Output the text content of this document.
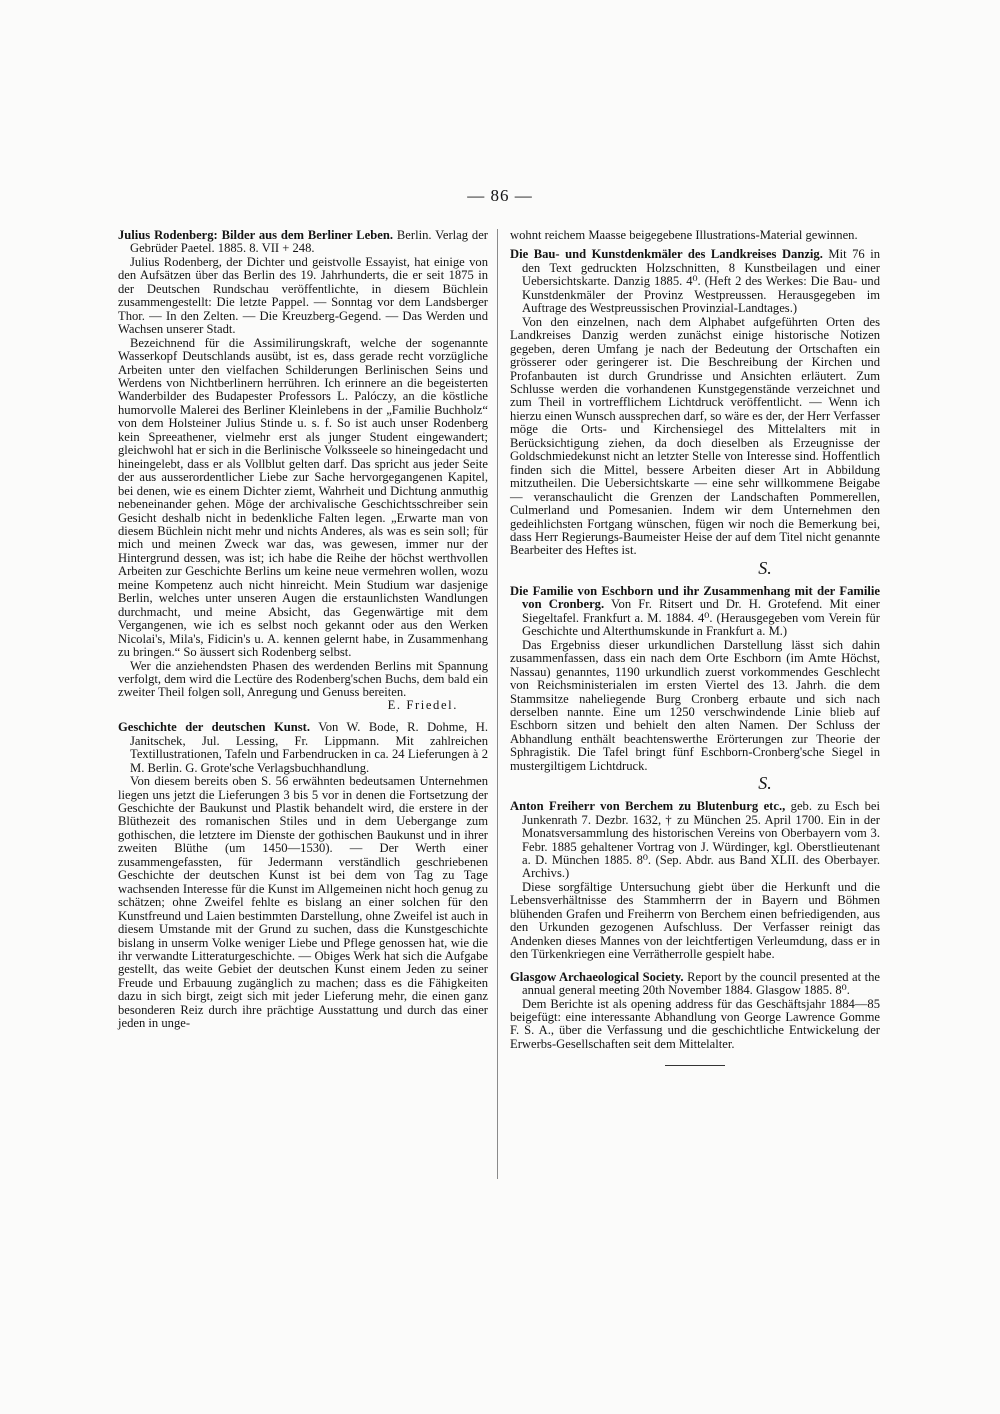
— 86 —
Julius Rodenberg: Bilder aus dem Berliner Leben. Berlin. Verlag der Gebrüder Paetel. 1885. 8. VII + 248.

Julius Rodenberg, der Dichter und geistvolle Essayist, hat einige von den Aufsätzen über das Berlin des 19. Jahrhunderts, die er seit 1875 in der Deutschen Rundschau veröffentlichte, in diesem Büchlein zusammengestellt: Die letzte Pappel. — Sonntag vor dem Landsberger Thor. — In den Zelten. — Die Kreuzberg-Gegend. — Das Werden und Wachsen unserer Stadt.

Bezeichnend für die Assimilirungskraft, welche der sogenannte Wasserkopf Deutschlands ausübt, ist es, dass gerade recht vorzügliche Arbeiten unter den vielfachen Schilderungen Berlinischen Seins und Werdens von Nichtberlinern herrühren. Ich erinnere an die begeisterten Wanderbilder des Budapester Professors L. Palóczy, an die köstliche humorvolle Malerei des Berliner Kleinlebens in der „Familie Buchholz“ von dem Holsteiner Julius Stinde u. s. f. So ist auch unser Rodenberg kein Spreeathener, vielmehr erst als junger Student eingewandert; gleichwohl hat er sich in die Berlinische Volksseele so hineingedacht und hineingelebt, dass er als Vollblut gelten darf. Das spricht aus jeder Seite der aus ausserordentlicher Liebe zur Sache hervorgegangenen Kapitel, bei denen, wie es einem Dichter ziemt, Wahrheit und Dichtung anmuthig nebeneinander gehen. Möge der archivalische Geschichtsschreiber sein Gesicht deshalb nicht in bedenkliche Falten legen. „Erwarte man von diesem Büchlein nicht mehr und nichts Anderes, als was es sein soll; für mich und meinen Zweck war das, was gewesen, immer nur der Hintergrund dessen, was ist; ich habe die Reihe der höchst werthvollen Arbeiten zur Geschichte Berlins um keine neue vermehren wollen, wozu meine Kompetenz auch nicht hinreicht. Mein Studium war dasjenige Berlin, welches unter unseren Augen die erstaunlichsten Wandlungen durchmacht, und meine Absicht, das Gegenwärtige mit dem Vergangenen, wie ich es selbst noch gekannt oder aus den Werken Nicolai's, Mila's, Fidicin's u. A. kennen gelernt habe, in Zusammenhang zu bringen.“ So äussert sich Rodenberg selbst.

Wer die anziehendsten Phasen des werdenden Berlins mit Spannung verfolgt, dem wird die Lectüre des Rodenberg'schen Buchs, dem bald ein zweiter Theil folgen soll, Anregung und Genuss bereiten.

E. Friedel.
Geschichte der deutschen Kunst. Von W. Bode, R. Dohme, H. Janitschek, Jul. Lessing, Fr. Lippmann. Mit zahlreichen Textillustrationen, Tafeln und Farbendrucken in ca. 24 Lieferungen à 2 M. Berlin. G. Grote'sche Verlagsbuchhandlung.

Von diesem bereits oben S. 56 erwähnten bedeutsamen Unternehmen liegen uns jetzt die Lieferungen 3 bis 5 vor in denen die Fortsetzung der Geschichte der Baukunst und Plastik behandelt wird, die erstere in der Blüthezeit des romanischen Stiles und in dem Uebergange zum gothischen, die letztere im Dienste der gothischen Baukunst und in ihrer zweiten Blüthe (um 1450—1530). — Der Werth einer zusammengefassten, für Jedermann verständlich geschriebenen Geschichte der deutschen Kunst ist bei dem von Tag zu Tage wachsenden Interesse für die Kunst im Allgemeinen nicht hoch genug zu schätzen; ohne Zweifel fehlte es bislang an einer solchen für den Kunstfreund und Laien bestimmten Darstellung, ohne Zweifel ist auch in diesem Umstande mit der Grund zu suchen, dass die Kunstgeschichte bislang in unserm Volke weniger Liebe und Pflege genossen hat, wie die ihr verwandte Litteraturgeschichte. — Obiges Werk hat sich die Aufgabe gestellt, das weite Gebiet der deutschen Kunst einem Jeden zu seiner Freude und Erbauung zugänglich zu machen; dass es die Fähigkeiten dazu in sich birgt, zeigt sich mit jeder Lieferung mehr, die einen ganz besonderen Reiz durch ihre prächtige Ausstattung und durch das einer jeden in unge-

wohnt reichem Maasse beigegebene Illustrations-Material gewinnen.
Die Bau- und Kunstdenkmäler des Landkreises Danzig. Mit 76 in den Text gedruckten Holzschnitten, 8 Kunstbeilagen und einer Uebersichtskarte. Danzig 1885. 4⁰. (Heft 2 des Werkes: Die Bau- und Kunstdenkmäler der Provinz Westpreussen. Herausgegeben im Auftrage des Westpreussischen Provinzial-Landtages.)

Von den einzelnen, nach dem Alphabet aufgeführten Orten des Landkreises Danzig werden zunächst einige historische Notizen gegeben, deren Umfang je nach der Bedeutung der Ortschaften ein grösserer oder geringerer ist. Die Beschreibung der Kirchen und Profanbauten ist durch Grundrisse und Ansichten erläutert. Zum Schlusse werden die vorhandenen Kunstgegenstände verzeichnet und zum Theil in vortrefflichem Lichtdruck veröffentlicht. — Wenn ich hierzu einen Wunsch aussprechen darf, so wäre es der, der Herr Verfasser möge die Orts- und Kirchensiegel des Mittelalters mit in Berücksichtigung ziehen, da doch dieselben als Erzeugnisse der Goldschmiedekunst nicht an letzter Stelle von Interesse sind. Hoffentlich finden sich die Mittel, bessere Arbeiten dieser Art in Abbildung mitzutheilen. Die Uebersichtskarte — eine sehr willkommene Beigabe — veranschaulicht die Grenzen der Landschaften Pommerellen, Culmerland und Pomesanien. Indem wir dem Unternehmen den gedeihlichsten Fortgang wünschen, fügen wir noch die Bemerkung bei, dass Herr Regierungs-Baumeister Heise der auf dem Titel nicht genannte Bearbeiter des Heftes ist.

S.
Die Familie von Eschborn und ihr Zusammenhang mit der Familie von Cronberg. Von Fr. Ritsert und Dr. H. Grotefend. Mit einer Siegeltafel. Frankfurt a. M. 1884. 4⁰. (Herausgegeben vom Verein für Geschichte und Alterthumskunde in Frankfurt a. M.)

Das Ergebniss dieser urkundlichen Darstellung lässt sich dahin zusammenfassen, dass ein nach dem Orte Eschborn (im Amte Höchst, Nassau) genanntes, 1190 urkundlich zuerst vorkommendes Geschlecht von Reichsministerialen im ersten Viertel des 13. Jahrh. die dem Stammsitze naheliegende Burg Cronberg erbaute und sich nach derselben nannte. Eine um 1250 verschwindende Linie blieb auf Eschborn sitzen und behielt den alten Namen. Der Schluss der Abhandlung enthält beachtenswerthe Erörterungen zur Theorie der Sphragistik. Die Tafel bringt fünf Eschborn-Cronberg'sche Siegel in mustergiltigem Lichtdruck.

S.
Anton Freiherr von Berchem zu Blutenburg etc., geb. zu Esch bei Junkenrath 7. Dezbr. 1632, † zu München 25. April 1700. Ein in der Monatsversammlung des historischen Vereins von Oberbayern vom 3. Febr. 1885 gehaltener Vortrag von J. Würdinger, kgl. Oberstlieutenant a. D. München 1885. 8⁰. (Sep. Abdr. aus Band XLII. des Oberbayer. Archivs.)

Diese sorgfältige Untersuchung giebt über die Herkunft und die Lebensverhältnisse des Stammherrn der in Bayern und Böhmen blühenden Grafen und Freiherrn von Berchem einen befriedigenden, aus den Urkunden gezogenen Aufschluss. Der Verfasser reinigt das Andenken dieses Mannes von der leichtfertigen Verleumdung, dass er in den Türkenkriegen eine Verrätherrolle gespielt habe.

Glasgow Archaeological Society. Report by the council presented at the annual general meeting 20th November 1884. Glasgow 1885. 8⁰.

Dem Berichte ist als opening address für das Geschäftsjahr 1884—85 beigefügt: eine interessante Abhandlung von George Lawrence Gomme F. S. A., über die Verfassung und die geschichtliche Entwickelung der Erwerbs-Gesellschaften seit dem Mittelalter.
